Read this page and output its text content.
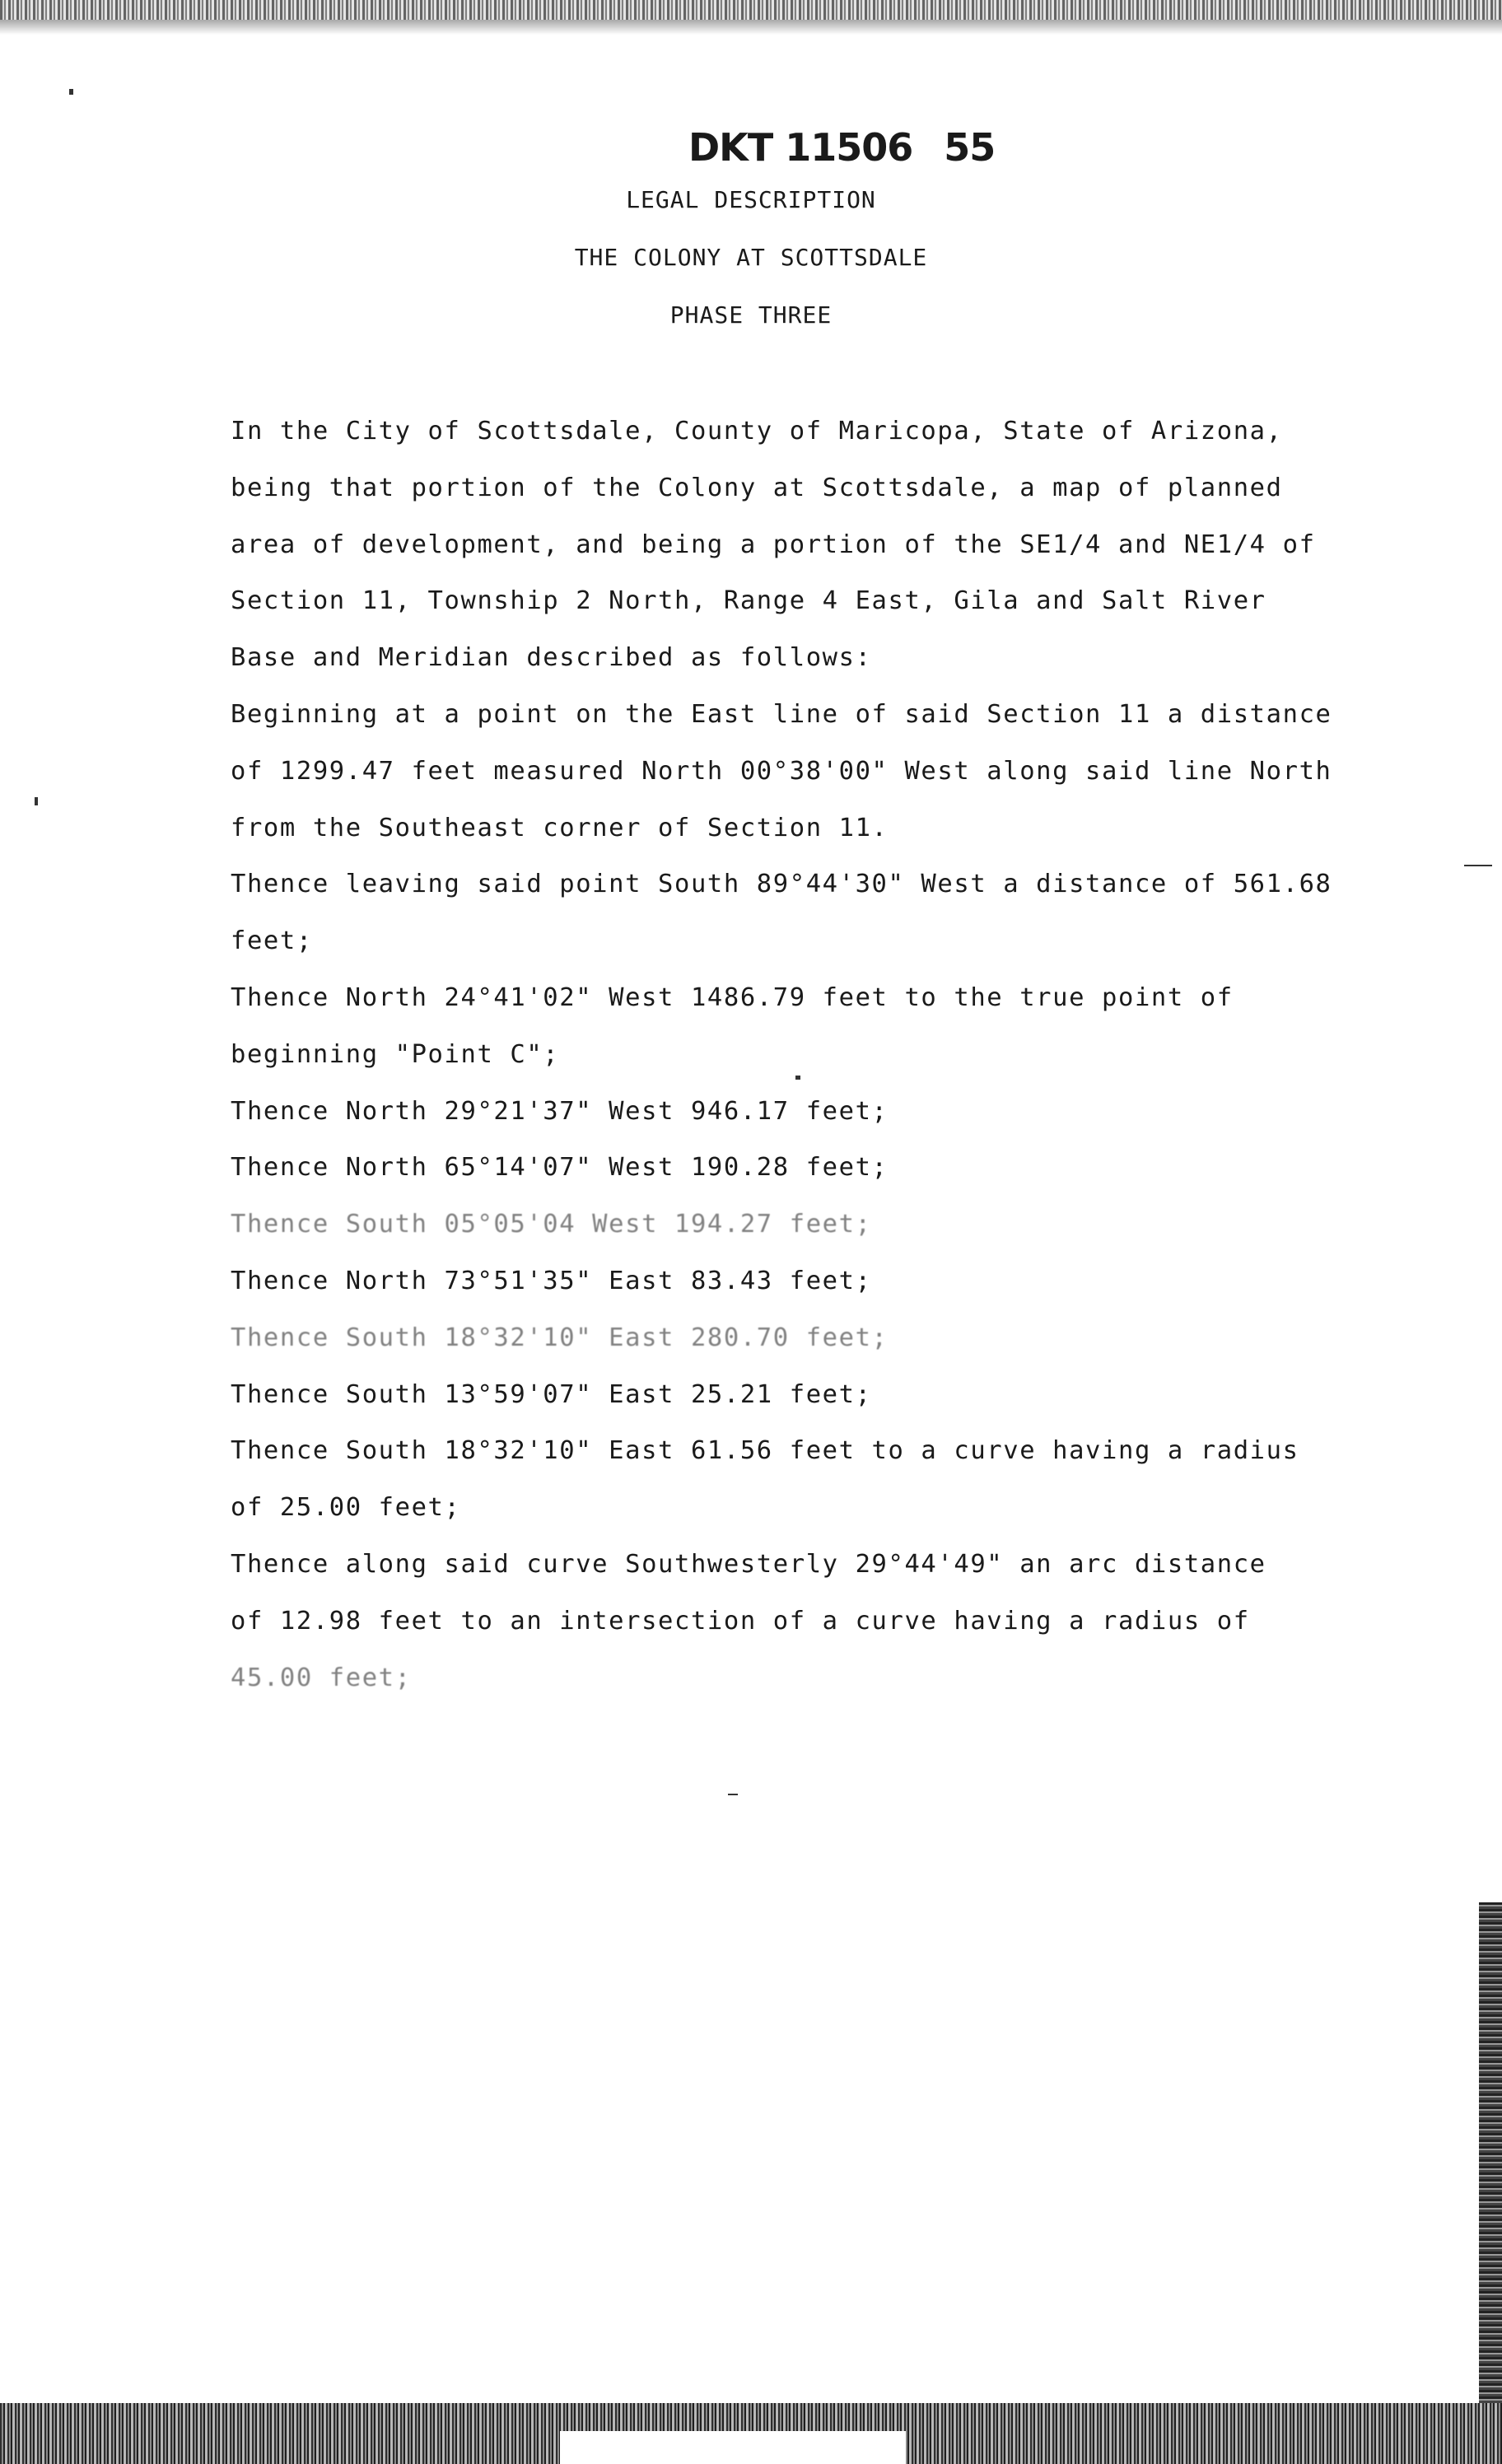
DKT 11506 55
LEGAL DESCRIPTION
THE COLONY AT SCOTTSDALE
PHASE THREE
In the City of Scottsdale, County of Maricopa, State of Arizona,
being that portion of the Colony at Scottsdale, a map of planned
area of development, and being a portion of the SE1/4 and NE1/4 of
Section 11, Township 2 North, Range 4 East, Gila and Salt River
Base and Meridian described as follows:
Beginning at a point on the East line of said Section 11 a distance
of 1299.47 feet measured North 00°38'00" West along said line North
from the Southeast corner of Section 11.
Thence leaving said point South 89°44'30" West a distance of 561.68
feet;
Thence North 24°41'02" West 1486.79 feet to the true point of
beginning "Point C";
Thence North 29°21'37" West 946.17 feet;
Thence North 65°14'07" West 190.28 feet;
Thence South 05°05'04 West 194.27 feet;
Thence North 73°51'35" East 83.43 feet;
Thence South 18°32'10" East 280.70 feet;
Thence South 13°59'07" East 25.21 feet;
Thence South 18°32'10" East 61.56 feet to a curve having a radius
of 25.00 feet;
Thence along said curve Southwesterly 29°44'49" an arc distance
of 12.98 feet to an intersection of a curve having a radius of
45.00 feet;
